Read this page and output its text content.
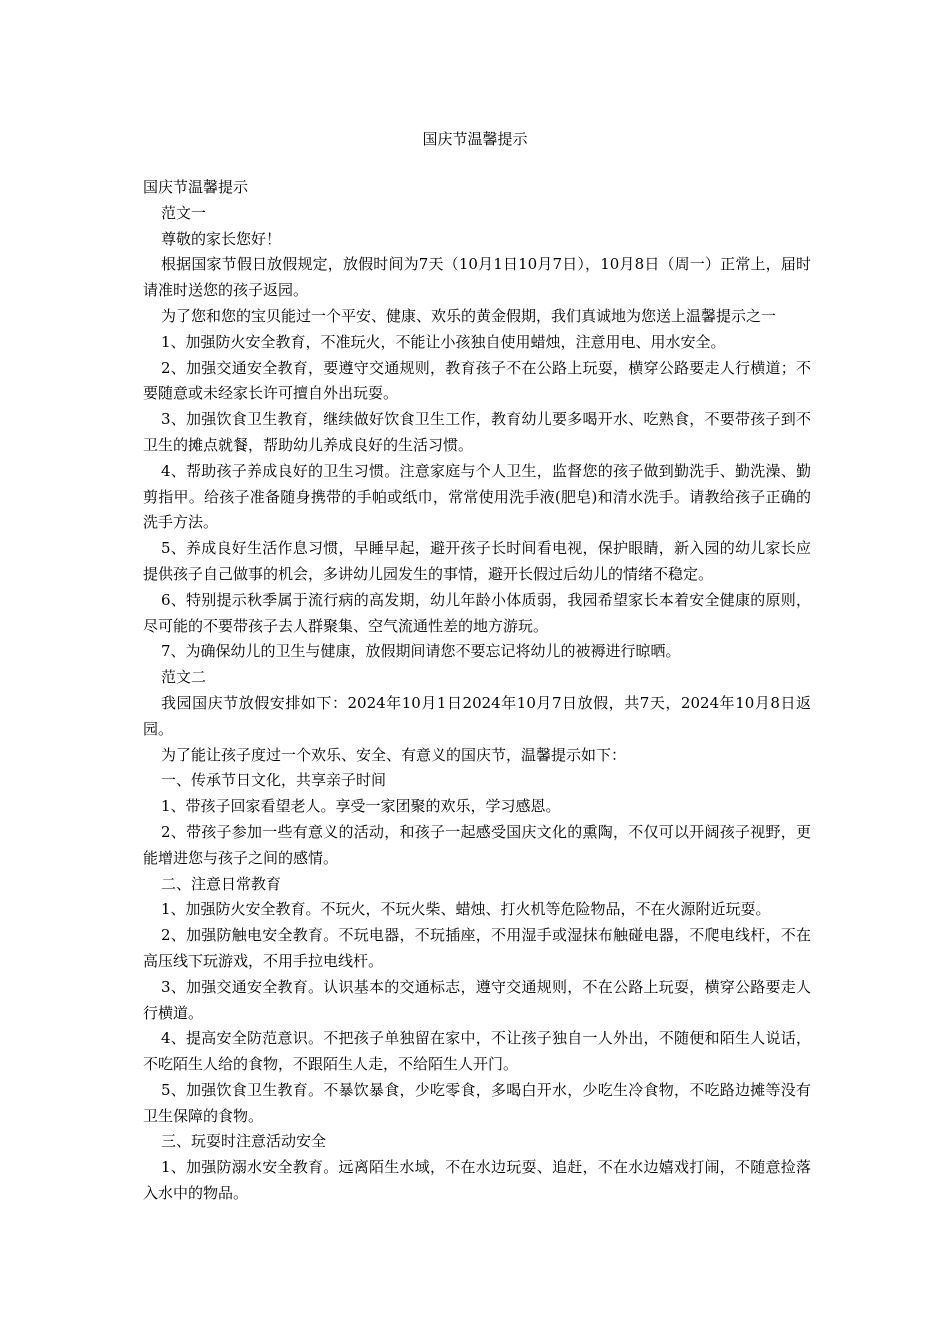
国庆节温馨提示

国庆节温馨提示

范文一

尊敬的家长您好！

根据国家节假日放假规定，放假时间为7天（10月1日10月7日），10月8日（周一）正常上，届时请准时送您的孩子返园。

为了您和您的宝贝能过一个平安、健康、欢乐的黄金假期，我们真诚地为您送上温馨提示之一

1、加强防火安全教育，不准玩火，不能让小孩独自使用蜡烛，注意用电、用水安全。

2、加强交通安全教育，要遵守交通规则，教育孩子不在公路上玩耍，横穿公路要走人行横道；不要随意或未经家长许可擅自外出玩耍。

3、加强饮食卫生教育，继续做好饮食卫生工作，教育幼儿要多喝开水、吃熟食，不要带孩子到不卫生的摊点就餐，帮助幼儿养成良好的生活习惯。

4、帮助孩子养成良好的卫生习惯。注意家庭与个人卫生，监督您的孩子做到勤洗手、勤洗澡、勤剪指甲。给孩子准备随身携带的手帕或纸巾，常常使用洗手液(肥皂)和清水洗手。请教给孩子正确的洗手方法。

5、养成良好生活作息习惯，早睡早起，避开孩子长时间看电视，保护眼睛，新入园的幼儿家长应提供孩子自己做事的机会，多讲幼儿园发生的事情，避开长假过后幼儿的情绪不稳定。

6、特别提示秋季属于流行病的高发期，幼儿年龄小体质弱，我园希望家长本着安全健康的原则，尽可能的不要带孩子去人群聚集、空气流通性差的地方游玩。

7、为确保幼儿的卫生与健康，放假期间请您不要忘记将幼儿的被褥进行晾晒。

范文二

我园国庆节放假安排如下：2024年10月1日2024年10月7日放假，共7天，2024年10月8日返园。

为了能让孩子度过一个欢乐、安全、有意义的国庆节，温馨提示如下：

一、传承节日文化，共享亲子时间

1、带孩子回家看望老人。享受一家团聚的欢乐，学习感恩。

2、带孩子参加一些有意义的活动，和孩子一起感受国庆文化的熏陶，不仅可以开阔孩子视野，更能增进您与孩子之间的感情。

二、注意日常教育

1、加强防火安全教育。不玩火，不玩火柴、蜡烛、打火机等危险物品，不在火源附近玩耍。

2、加强防触电安全教育。不玩电器，不玩插座，不用湿手或湿抹布触碰电器，不爬电线杆，不在高压线下玩游戏，不用手拉电线杆。

3、加强交通安全教育。认识基本的交通标志，遵守交通规则，不在公路上玩耍，横穿公路要走人行横道。

4、提高安全防范意识。不把孩子单独留在家中，不让孩子独自一人外出，不随便和陌生人说话，不吃陌生人给的食物，不跟陌生人走，不给陌生人开门。

5、加强饮食卫生教育。不暴饮暴食，少吃零食，多喝白开水，少吃生冷食物，不吃路边摊等没有卫生保障的食物。

三、玩耍时注意活动安全

1、加强防溺水安全教育。远离陌生水域，不在水边玩耍、追赶，不在水边嬉戏打闹，不随意捡落入水中的物品。
